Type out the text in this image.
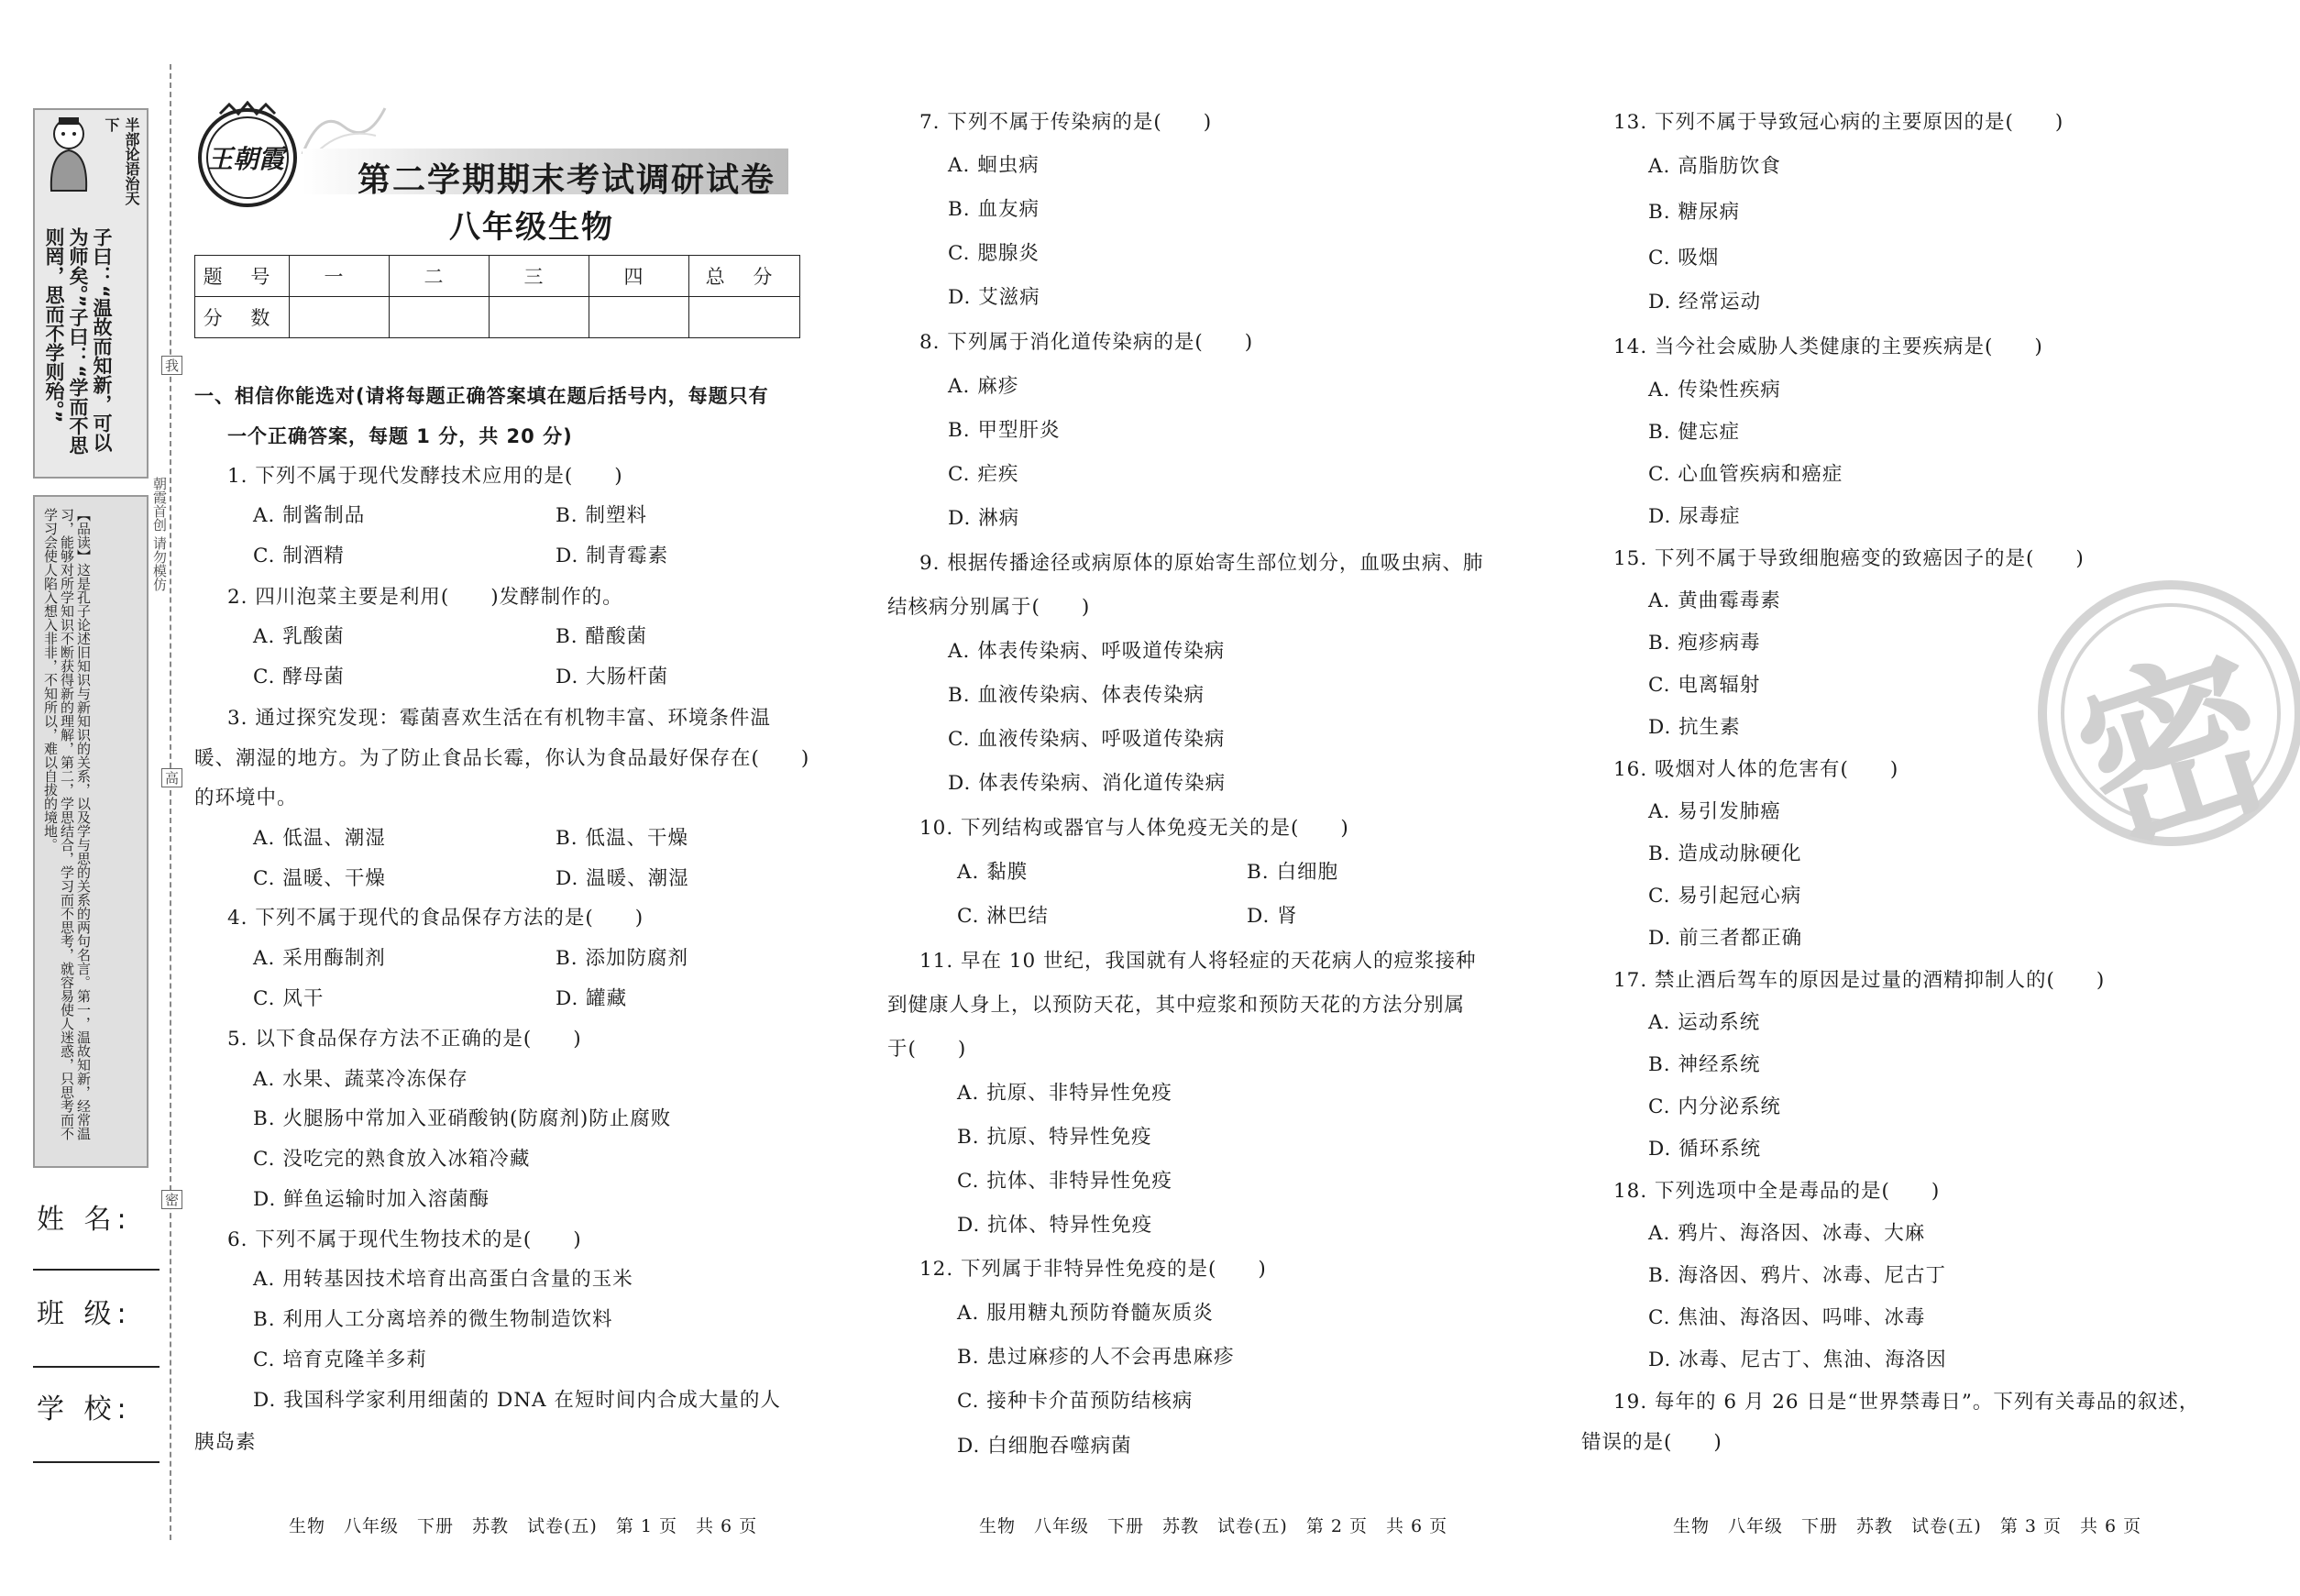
半部论语治天下
子曰：“温故而知新，可以为师矣。”子曰：“学而不思则罔，思而不学则殆。”
【品读】这是孔子论述旧知识与新知识的关系，以及学与思的关系的两句名言。第一，温故知新，经常温习，能够对所学知识不断获得新的理解，第二，学思结合，学习而不思考，就容易使人迷惑，只思考而不学习会使人陷入想入非非，不知所以，难以自拔的境地。
我
高
密
朝霞首创 请勿模仿
姓 名:
班 级:
学 校:
王朝霞
第二学期期末考试调研试卷
八年级生物
题 号	一	二	三	四	总 分
分 数					
一、相信你能选对(请将每题正确答案填在题后括号内，每题只有
一个正确答案，每题 1 分，共 20 分)
1. 下列不属于现代发酵技术应用的是(　　)
A. 制酱制品	B. 制塑料
C. 制酒精	D. 制青霉素
2. 四川泡菜主要是利用(　　)发酵制作的。
A. 乳酸菌	B. 醋酸菌
C. 酵母菌	D. 大肠杆菌
3. 通过探究发现：霉菌喜欢生活在有机物丰富、环境条件温
暖、潮湿的地方。为了防止食品长霉，你认为食品最好保存在(　　)
的环境中。
A. 低温、潮湿	B. 低温、干燥
C. 温暖、干燥	D. 温暖、潮湿
4. 下列不属于现代的食品保存方法的是(　　)
A. 采用酶制剂	B. 添加防腐剂
C. 风干	D. 罐藏
5. 以下食品保存方法不正确的是(　　)
A. 水果、蔬菜冷冻保存
B. 火腿肠中常加入亚硝酸钠(防腐剂)防止腐败
C. 没吃完的熟食放入冰箱冷藏
D. 鲜鱼运输时加入溶菌酶
6. 下列不属于现代生物技术的是(　　)
A. 用转基因技术培育出高蛋白含量的玉米
B. 利用人工分离培养的微生物制造饮料
C. 培育克隆羊多莉
D. 我国科学家利用细菌的 DNA 在短时间内合成大量的人
胰岛素
生物　八年级　下册　苏教　试卷(五)　第 1 页　共 6 页
7. 下列不属于传染病的是(　　)
A. 蛔虫病
B. 血友病
C. 腮腺炎
D. 艾滋病
8. 下列属于消化道传染病的是(　　)
A. 麻疹
B. 甲型肝炎
C. 疟疾
D. 淋病
9. 根据传播途径或病原体的原始寄生部位划分，血吸虫病、肺
结核病分别属于(　　)
A. 体表传染病、呼吸道传染病
B. 血液传染病、体表传染病
C. 血液传染病、呼吸道传染病
D. 体表传染病、消化道传染病
10. 下列结构或器官与人体免疫无关的是(　　)
A. 黏膜	B. 白细胞
C. 淋巴结	D. 肾
11. 早在 10 世纪，我国就有人将轻症的天花病人的痘浆接种
到健康人身上，以预防天花，其中痘浆和预防天花的方法分别属
于(　　)
A. 抗原、非特异性免疫
B. 抗原、特异性免疫
C. 抗体、非特异性免疫
D. 抗体、特异性免疫
12. 下列属于非特异性免疫的是(　　)
A. 服用糖丸预防脊髓灰质炎
B. 患过麻疹的人不会再患麻疹
C. 接种卡介苗预防结核病
D. 白细胞吞噬病菌
生物　八年级　下册　苏教　试卷(五)　第 2 页　共 6 页
密
13. 下列不属于导致冠心病的主要原因的是(　　)
A. 高脂肪饮食
B. 糖尿病
C. 吸烟
D. 经常运动
14. 当今社会威胁人类健康的主要疾病是(　　)
A. 传染性疾病
B. 健忘症
C. 心血管疾病和癌症
D. 尿毒症
15. 下列不属于导致细胞癌变的致癌因子的是(　　)
A. 黄曲霉毒素
B. 疱疹病毒
C. 电离辐射
D. 抗生素
16. 吸烟对人体的危害有(　　)
A. 易引发肺癌
B. 造成动脉硬化
C. 易引起冠心病
D. 前三者都正确
17. 禁止酒后驾车的原因是过量的酒精抑制人的(　　)
A. 运动系统
B. 神经系统
C. 内分泌系统
D. 循环系统
18. 下列选项中全是毒品的是(　　)
A. 鸦片、海洛因、冰毒、大麻
B. 海洛因、鸦片、冰毒、尼古丁
C. 焦油、海洛因、吗啡、冰毒
D. 冰毒、尼古丁、焦油、海洛因
19. 每年的 6 月 26 日是“世界禁毒日”。下列有关毒品的叙述，
错误的是(　　)
生物　八年级　下册　苏教　试卷(五)　第 3 页　共 6 页
